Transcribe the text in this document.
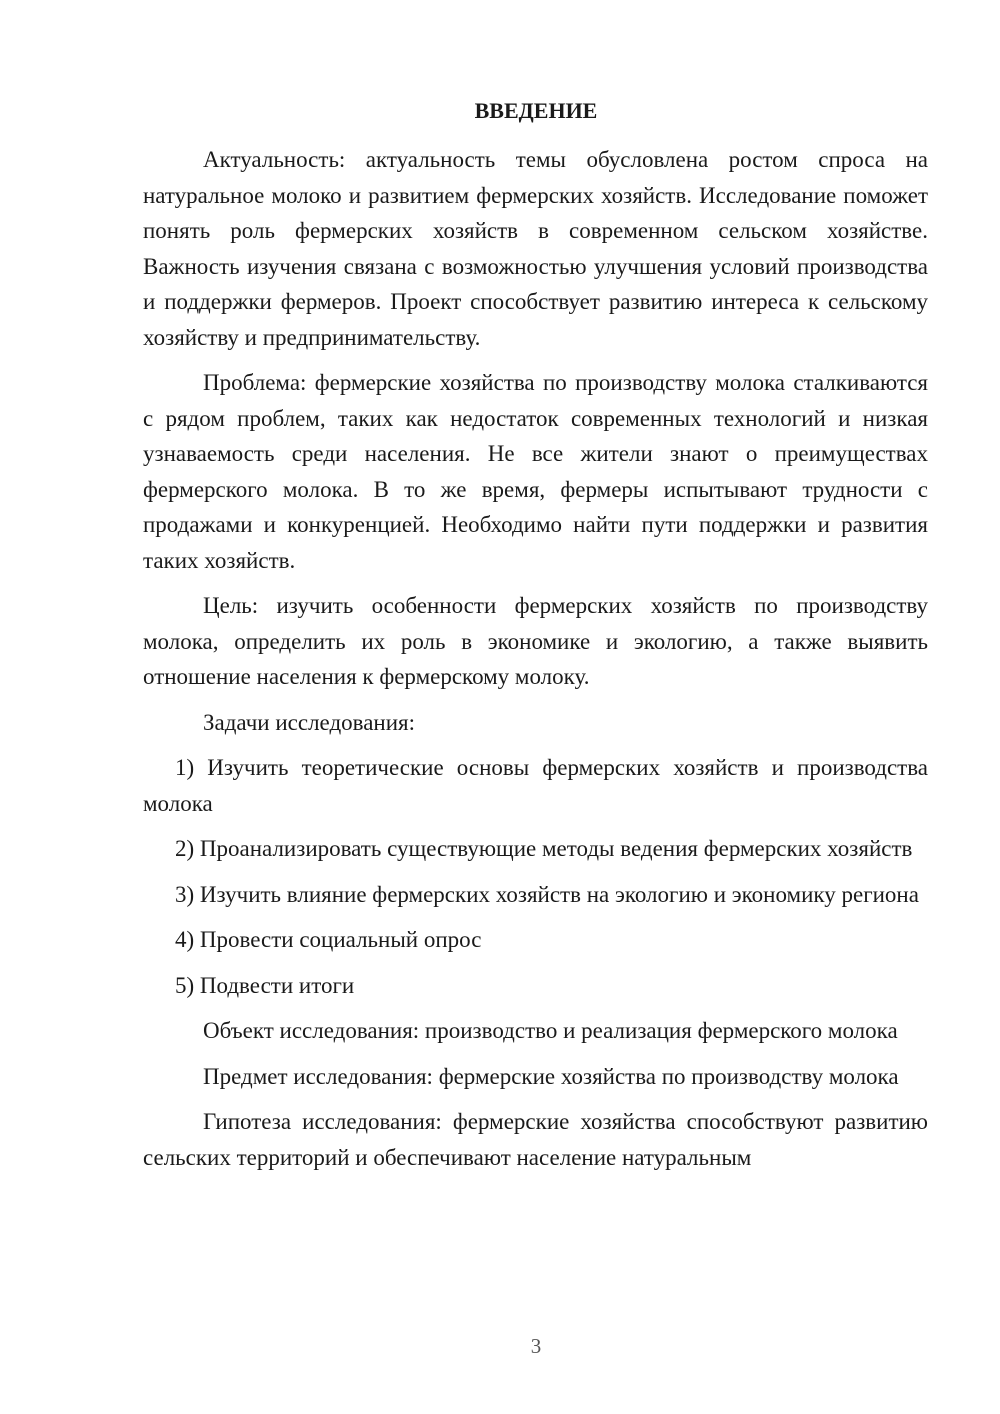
ВВЕДЕНИЕ

Актуальность: актуальность темы обусловлена ростом спроса на натуральное молоко и развитием фермерских хозяйств. Исследование поможет понять роль фермерских хозяйств в современном сельском хозяйстве. Важность изучения связана с возможностью улучшения условий производства и поддержки фермеров. Проект способствует развитию интереса к сельскому хозяйству и предпринимательству.

Проблема: фермерские хозяйства по производству молока сталкиваются с рядом проблем, таких как недостаток современных технологий и низкая узнаваемость среди населения. Не все жители знают о преимуществах фермерского молока. В то же время, фермеры испытывают трудности с продажами и конкуренцией. Необходимо найти пути поддержки и развития таких хозяйств.

Цель: изучить особенности фермерских хозяйств по производству молока, определить их роль в экономике и экологию, а также выявить отношение населения к фермерскому молоку.

Задачи исследования:

1) Изучить теоретические основы фермерских хозяйств и производства молока

2) Проанализировать существующие методы ведения фермерских хозяйств

3) Изучить влияние фермерских хозяйств на экологию и экономику региона

4) Провести социальный опрос

5) Подвести итоги

Объект исследования: производство и реализация фермерского молока

Предмет исследования: фермерские хозяйства по производству молока

Гипотеза исследования: фермерские хозяйства способствуют развитию сельских территорий и обеспечивают население натуральным

3
